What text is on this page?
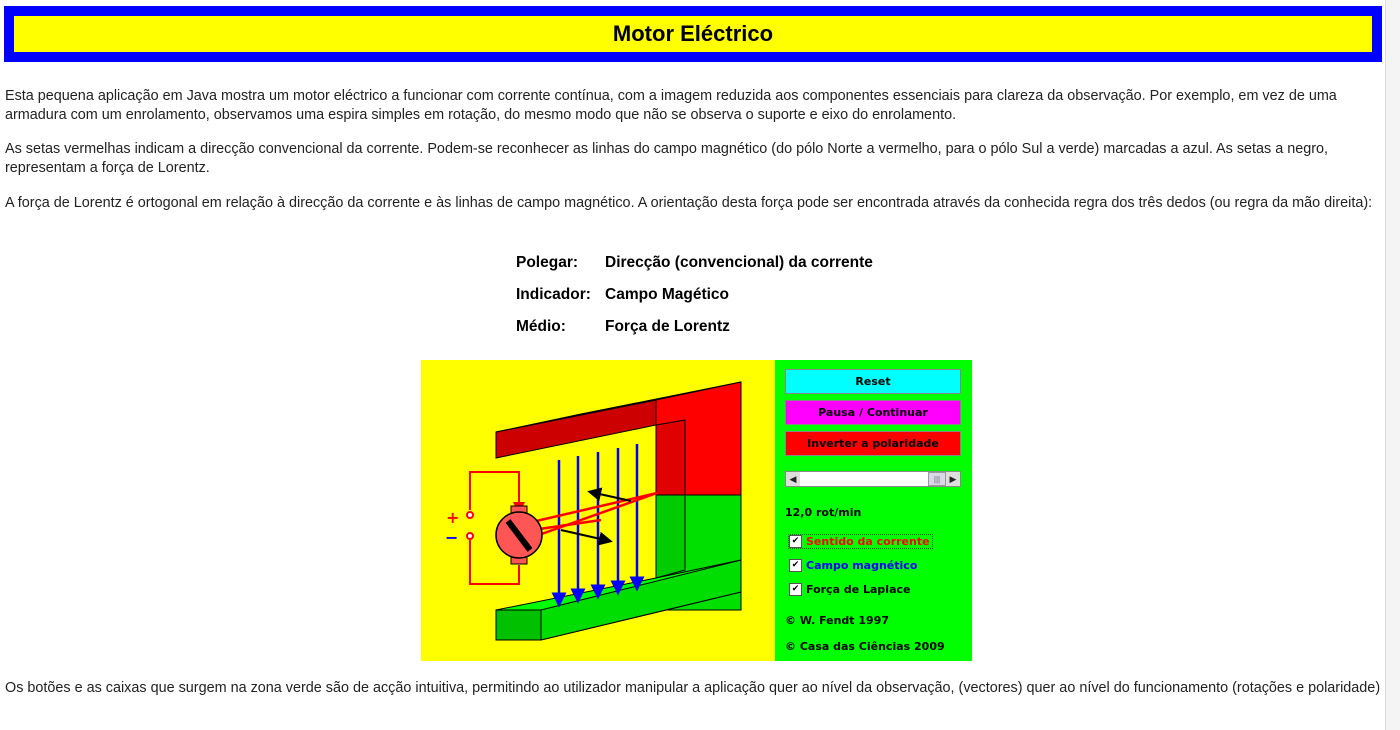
Motor Eléctrico

Esta pequena aplicação em Java mostra um motor eléctrico a funcionar com corrente contínua, com a imagem reduzida aos componentes essenciais para clareza da observação. Por exemplo, em vez de uma armadura com um enrolamento, observamos uma espira simples em rotação, do mesmo modo que não se observa o suporte e eixo do enrolamento.

As setas vermelhas indicam a direcção convencional da corrente. Podem-se reconhecer as linhas do campo magnético (do pólo Norte a vermelho, para o pólo Sul a verde) marcadas a azul. As setas a negro, representam a força de Lorentz.

A força de Lorentz é ortogonal em relação à direcção da corrente e às linhas de campo magnético. A orientação desta força pode ser encontrada através da conhecida regra dos três dedos (ou regra da mão direita):

Polegar:	Direcção (convencional) da corrente
Indicador: Campo Magético
Médio:	Força de Lorentz
+
−
Reset
Pausa / Continuar
Inverter a polaridade
◀	|||	▶
12,0 rot/min
✔ Sentido da corrente
✔ Campo magnético
✔ Força de Laplace
© W. Fendt 1997
© Casa das Ciências 2009

Os botões e as caixas que surgem na zona verde são de acção intuitiva, permitindo ao utilizador manipular a aplicação quer ao nível da observação, (vectores) quer ao nível do funcionamento (rotações e polaridade)
